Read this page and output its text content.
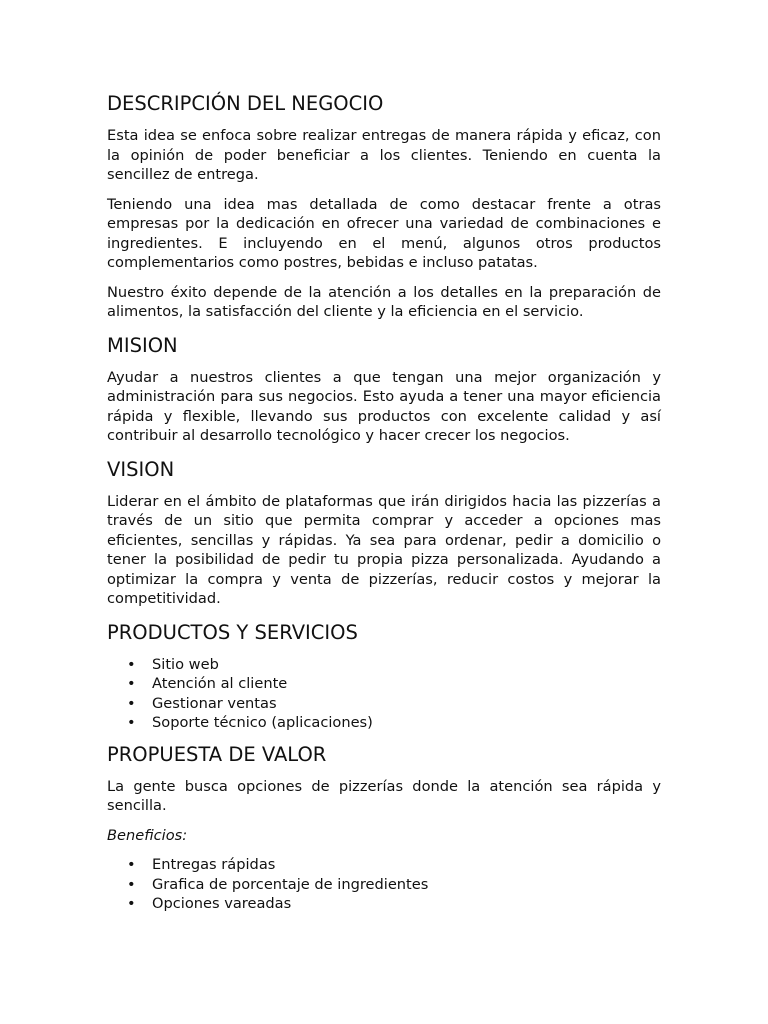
DESCRIPCIÓN DEL NEGOCIO

Esta idea se enfoca sobre realizar entregas de manera rápida y eficaz, con la opinión de poder beneficiar a los clientes. Teniendo en cuenta la sencillez de entrega.

Teniendo una idea mas detallada de como destacar frente a otras empresas por la dedicación en ofrecer una variedad de combinaciones e ingredientes. E incluyendo en el menú, algunos otros productos complementarios como postres, bebidas e incluso patatas.

Nuestro éxito depende de la atención a los detalles en la preparación de alimentos, la satisfacción del cliente y la eficiencia en el servicio.

MISION

Ayudar a nuestros clientes a que tengan una mejor organización y administración para sus negocios. Esto ayuda a tener una mayor eficiencia rápida y flexible, llevando sus productos con excelente calidad y así contribuir al desarrollo tecnológico y hacer crecer los negocios.

VISION

Liderar en el ámbito de plataformas que irán dirigidos hacia las pizzerías a través de un sitio que permita comprar y acceder a opciones mas eficientes, sencillas y rápidas. Ya sea para ordenar, pedir a domicilio o tener la posibilidad de pedir tu propia pizza personalizada. Ayudando a optimizar la compra y venta de pizzerías, reducir costos y mejorar la competitividad.

PRODUCTOS Y SERVICIOS
• Sitio web
• Atención al cliente
• Gestionar ventas
• Soporte técnico (aplicaciones)
PROPUESTA DE VALOR

La gente busca opciones de pizzerías donde la atención sea rápida y sencilla.

Beneficios:

• Entregas rápidas
• Grafica de porcentaje de ingredientes
• Opciones vareadas
